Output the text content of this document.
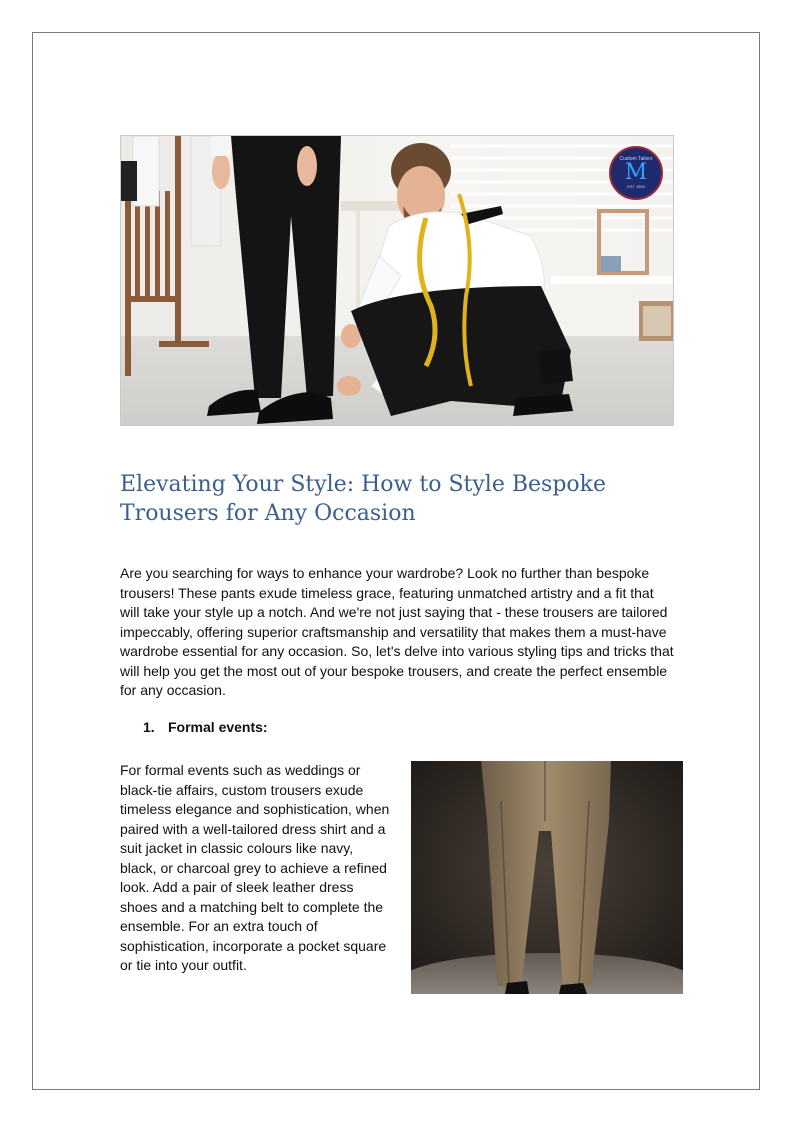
Custom Tailors
M
EST 1983
Elevating Your Style: How to Style Bespoke Trousers for Any Occasion

Are you searching for ways to enhance your wardrobe? Look no further than bespoke trousers! These pants exude timeless grace, featuring unmatched artistry and a fit that will take your style up a notch. And we're not just saying that - these trousers are tailored impeccably, offering superior craftsmanship and versatility that makes them a must-have wardrobe essential for any occasion. So, let's delve into various styling tips and tricks that will help you get the most out of your bespoke trousers, and create the perfect ensemble for any occasion.

1. Formal events:

For formal events such as weddings or black-tie affairs, custom trousers exude timeless elegance and sophistication, when paired with a well-tailored dress shirt and a suit jacket in classic colours like navy, black, or charcoal grey to achieve a refined look. Add a pair of sleek leather dress shoes and a matching belt to complete the ensemble. For an extra touch of sophistication, incorporate a pocket square or tie into your outfit.
